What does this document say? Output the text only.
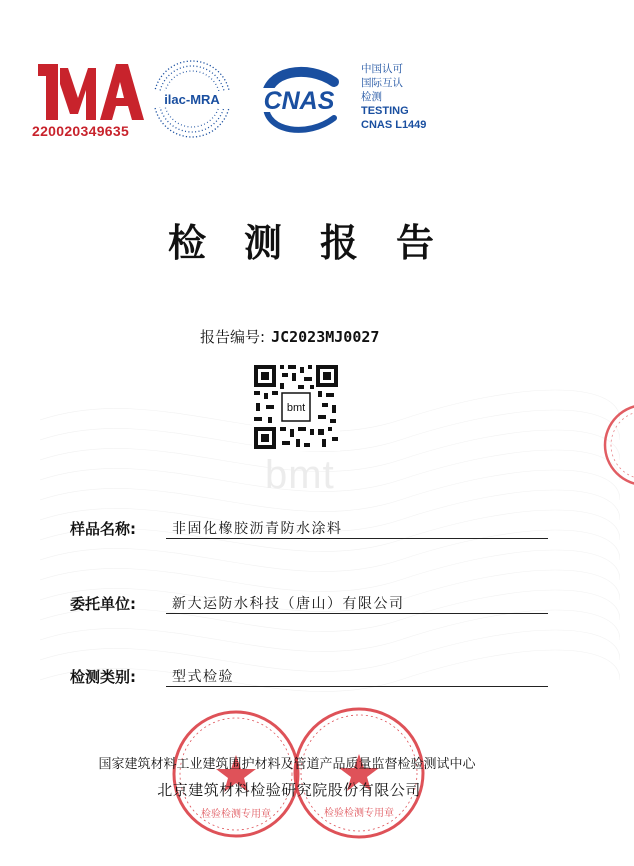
bmt
220020349635
ilac-MRA CNAS
中国认可
国际互认
检测
TESTING
CNAS L1449
检测报告
报告编号: JC2023MJ0027
bmt
样品名称:	非固化橡胶沥青防水涂料
委托单位:	新大运防水科技（唐山）有限公司
检测类别:	型式检验
检验检测专用章	检验检测专用章
国家建筑材料工业建筑围护材料及管道产品质量监督检验测试中心
北京建筑材料检验研究院股份有限公司
